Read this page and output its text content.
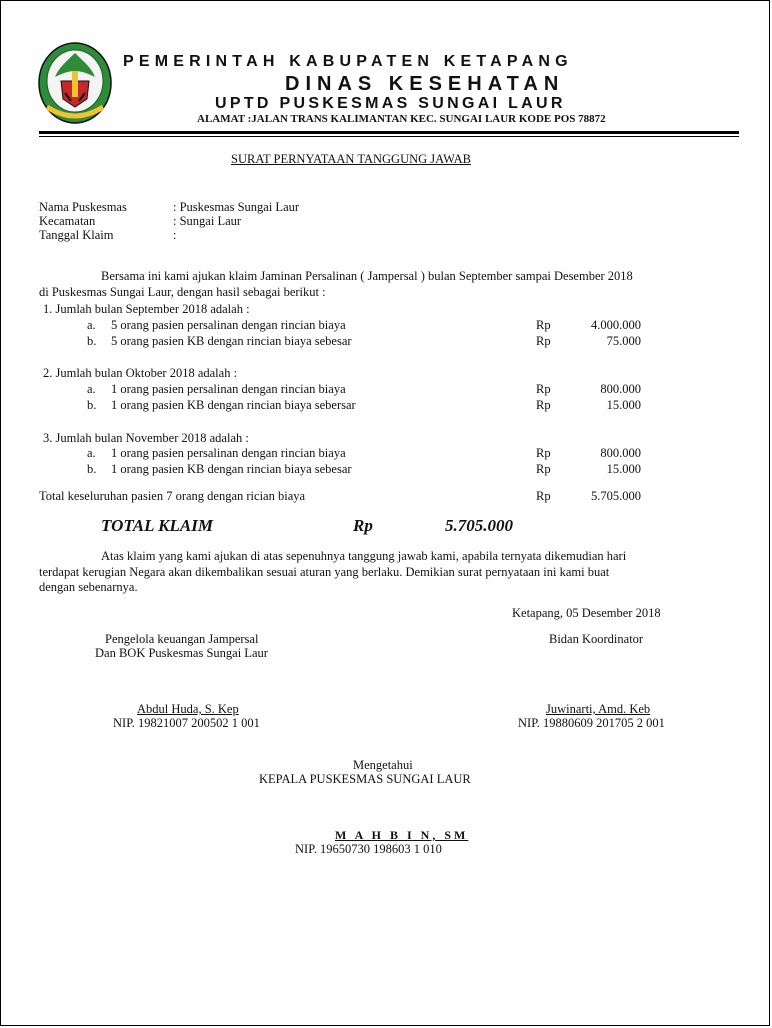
PEMERINTAH KABUPATEN KETAPANG
DINAS KESEHATAN
UPTD PUSKESMAS SUNGAI LAUR
ALAMAT :JALAN TRANS KALIMANTAN KEC. SUNGAI LAUR KODE POS 78872
SURAT PERNYATAAN TANGGUNG JAWAB
Nama Puskesmas	: Puskesmas Sungai Laur
Kecamatan	: Sungai Laur
Tanggal Klaim	:
Bersama ini kami ajukan klaim Jaminan Persalinan ( Jampersal ) bulan September sampai Desember 2018
di Puskesmas Sungai Laur, dengan hasil sebagai berikut :
1. Jumlah bulan September 2018 adalah :
a. 5 orang pasien persalinan dengan rincian biaya	Rp	4.000.000
b. 5 orang pasien KB dengan rincian biaya sebesar	Rp	75.000
2. Jumlah bulan Oktober 2018 adalah :
a. 1 orang pasien persalinan dengan rincian biaya	Rp	800.000
b. 1 orang pasien KB dengan rincian biaya sebersar	Rp	15.000
3. Jumlah bulan November 2018 adalah :
a. 1 orang pasien persalinan dengan rincian biaya	Rp	800.000
b. 1 orang pasien KB dengan rincian biaya sebesar	Rp	15.000
Total keseluruhan pasien 7 orang dengan rician biaya	Rp	5.705.000
TOTAL KLAIM	Rp	5.705.000
Atas klaim yang kami ajukan di atas sepenuhnya tanggung jawab kami, apabila ternyata dikemudian hari
terdapat kerugian Negara akan dikembalikan sesuai aturan yang berlaku. Demikian surat pernyataan ini kami buat
dengan sebenarnya.
Ketapang, 05 Desember 2018
Pengelola keuangan Jampersal
Dan BOK Puskesmas Sungai Laur
Bidan Koordinator
Abdul Huda, S. Kep
NIP. 19821007 200502 1 001
Juwinarti, Amd. Keb
NIP. 19880609 201705 2 001
Mengetahui
KEPALA PUSKESMAS SUNGAI LAUR
M A H B I N, SM
NIP. 19650730 198603 1 010
